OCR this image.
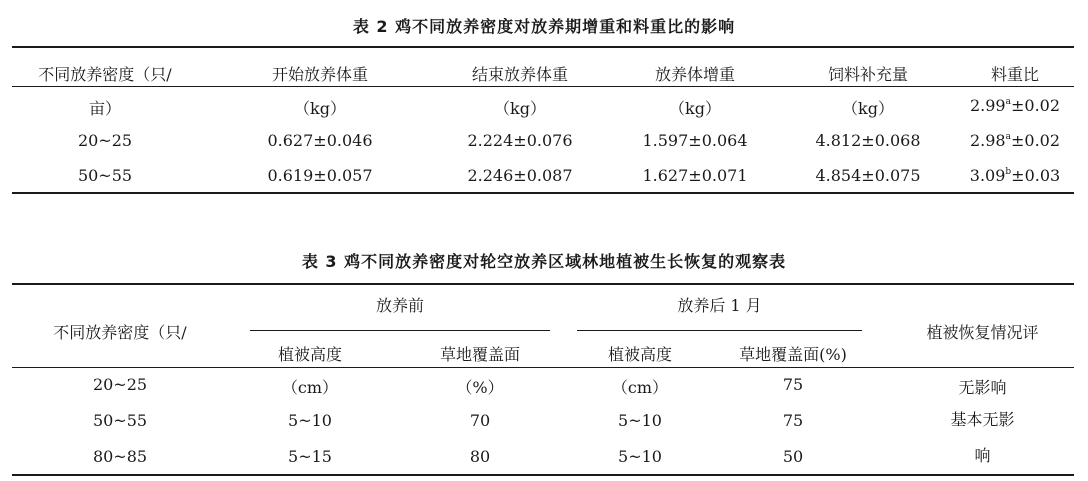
表 2 鸡不同放养密度对放养期增重和料重比的影响
不同放养密度（只/	开始放养体重	结束放养体重	放养体增重	饲料补充量	料重比
亩）	（kg）	（kg）	（kg）	（kg）	2.99$^a$±0.02
20~25	0.627±0.046	2.224±0.076	1.597±0.064	4.812±0.068	2.98$^a$±0.02
50~55	0.619±0.057	2.246±0.087	1.627±0.071	4.854±0.075	3.09$^b$±0.03
表 3 鸡不同放养密度对轮空放养区域林地植被生长恢复的观察表
不同放养密度（只/
放养前	放养后 1 月
植被恢复情况评
植被高度	草地覆盖面	植被高度	草地覆盖面(%)
20~25	（cm）	（%）	（cm）	75	无影响
50~55	5~10	70	5~10	75	基本无影
80~85	5~15	80	5~10	50	响
